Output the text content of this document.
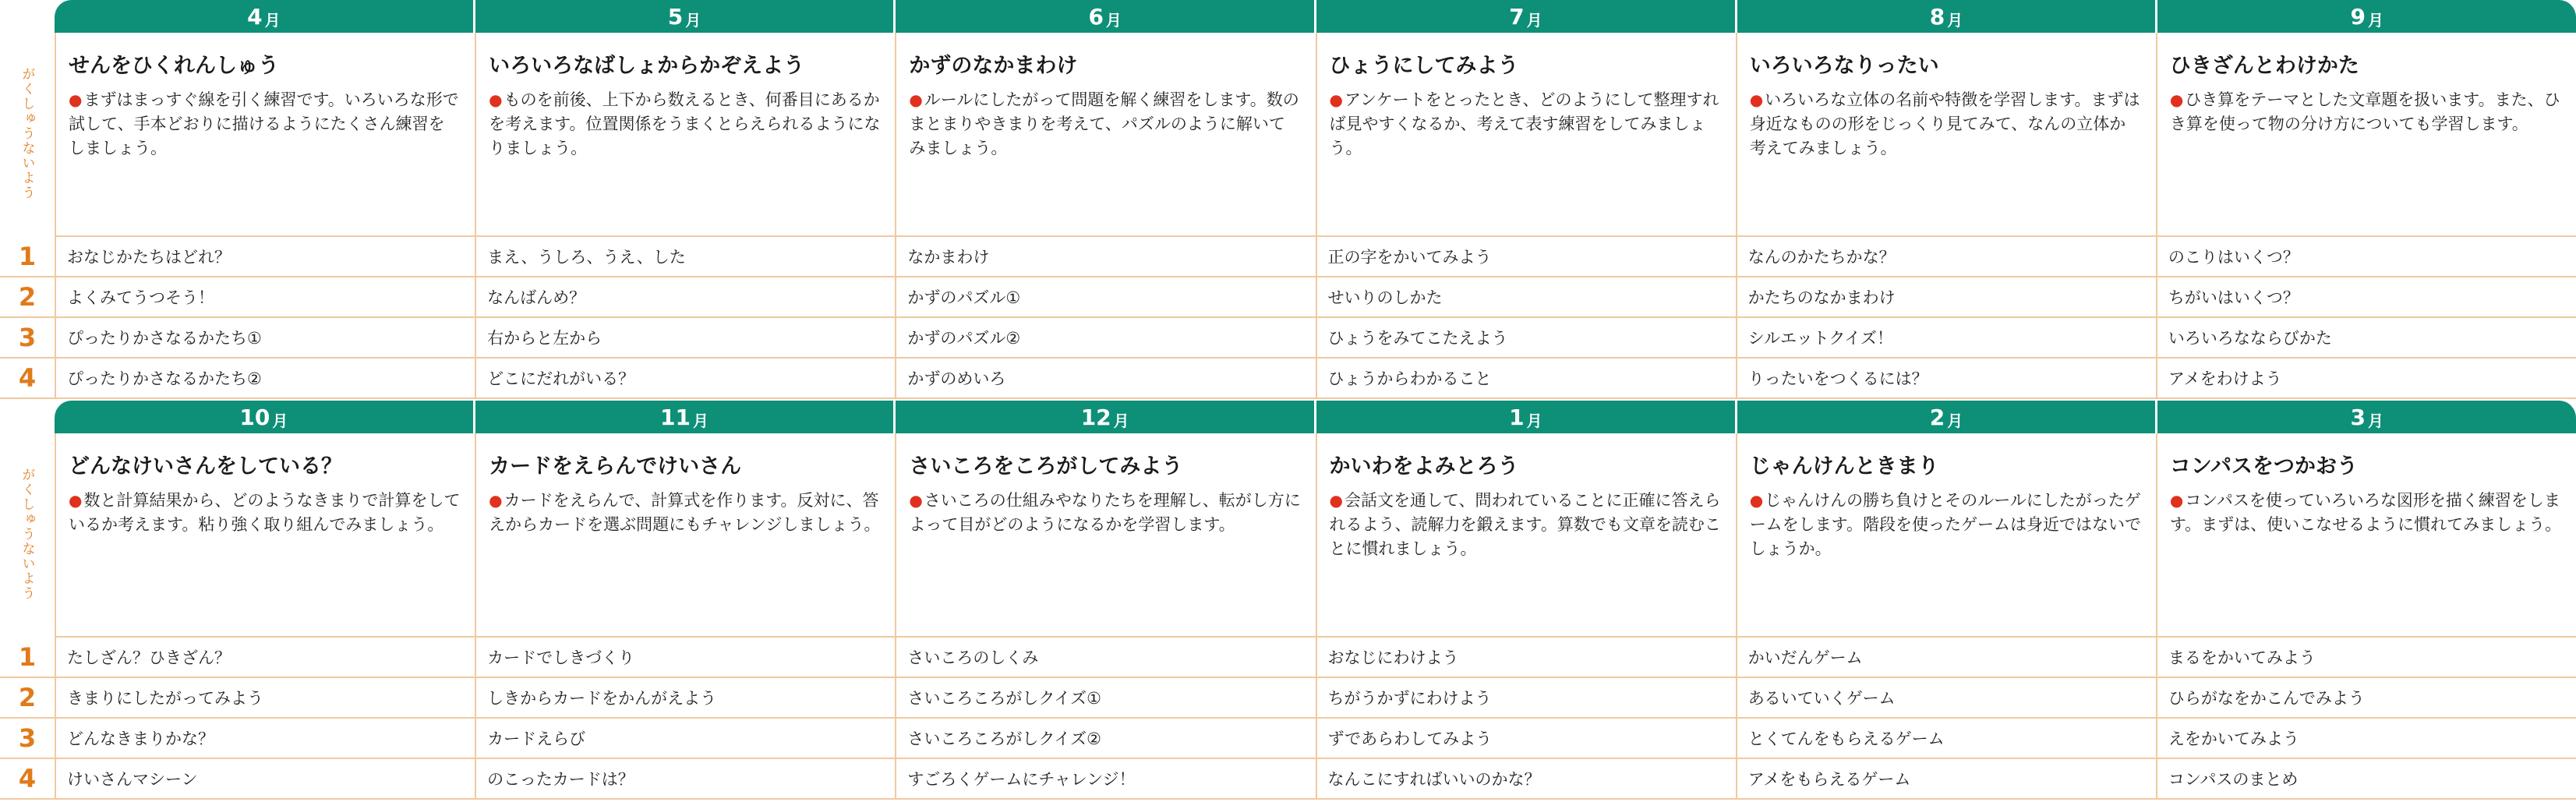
4 月	5 月	6 月	7 月	8 月	9 月
がくしゅうないよう
せんをひくれんしゅう
●まずはまっすぐ線を引く練習です。いろいろな形で試して、手本どおりに描けるようにたくさん練習をしましょう。
いろいろなばしょからかぞえよう
●ものを前後、上下から数えるとき、何番目にあるかを考えます。位置関係をうまくとらえられるようになりましょう。
かずのなかまわけ
●ルールにしたがって問題を解く練習をします。数のまとまりやきまりを考えて、パズルのように解いてみましょう。
ひょうにしてみよう
●アンケートをとったとき、どのようにして整理すれば見やすくなるか、考えて表す練習をしてみましょう。
いろいろなりったい
●いろいろな立体の名前や特徴を学習します。まずは身近なものの形をじっくり見てみて、なんの立体か考えてみましょう。
ひきざんとわけかた
●ひき算をテーマとした文章題を扱います。また、ひき算を使って物の分け方についても学習します。
1	おなじかたちはどれ？	まえ、うしろ、うえ、した	なかまわけ	正の字をかいてみよう	なんのかたちかな？	のこりはいくつ？
2	よくみてうつそう！	なんばんめ？	かずのパズル①	せいりのしかた	かたちのなかまわけ	ちがいはいくつ？
3	ぴったりかさなるかたち①	右からと左から	かずのパズル②	ひょうをみてこたえよう	シルエットクイズ！	いろいろなならびかた
4	ぴったりかさなるかたち②	どこにだれがいる？	かずのめいろ	ひょうからわかること	りったいをつくるには？	アメをわけよう
10 月	11 月	12 月	1 月	2 月	3 月
がくしゅうないよう
どんなけいさんをしている？
●数と計算結果から、どのようなきまりで計算をしているか考えます。粘り強く取り組んでみましょう。
カードをえらんでけいさん
●カードをえらんで、計算式を作ります。反対に、答えからカードを選ぶ問題にもチャレンジしましょう。
さいころをころがしてみよう
●さいころの仕組みやなりたちを理解し、転がし方によって目がどのようになるかを学習します。
かいわをよみとろう
●会話文を通して、問われていることに正確に答えられるよう、読解力を鍛えます。算数でも文章を読むことに慣れましょう。
じゃんけんときまり
●じゃんけんの勝ち負けとそのルールにしたがったゲームをします。階段を使ったゲームは身近ではないでしょうか。
コンパスをつかおう
●コンパスを使っていろいろな図形を描く練習をします。まずは、使いこなせるように慣れてみましょう。
1	たしざん？ひきざん？	カードでしきづくり	さいころのしくみ	おなじにわけよう	かいだんゲーム	まるをかいてみよう
2	きまりにしたがってみよう	しきからカードをかんがえよう	さいころころがしクイズ①	ちがうかずにわけよう	あるいていくゲーム	ひらがなをかこんでみよう
3	どんなきまりかな？	カードえらび	さいころころがしクイズ②	ずであらわしてみよう	とくてんをもらえるゲーム	えをかいてみよう
4	けいさんマシーン	のこったカードは？	すごろくゲームにチャレンジ！	なんこにすればいいのかな？	アメをもらえるゲーム	コンパスのまとめ
